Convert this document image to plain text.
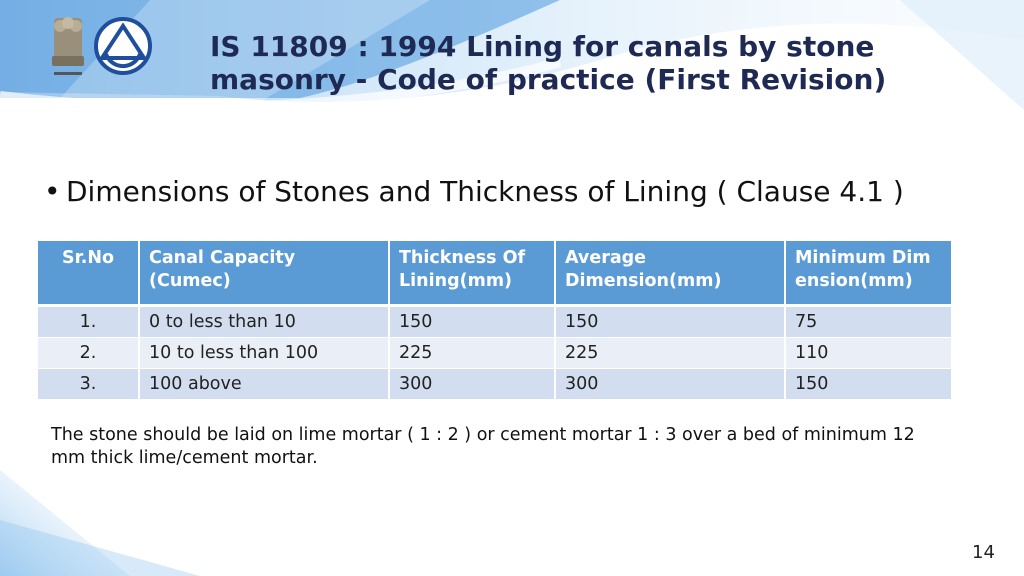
IS 11809 : 1994 Lining for canals by stone
masonry - Code of practice (First Revision)
• Dimensions of Stones and Thickness of Lining ( Clause 4.1 )
Sr.No	Canal Capacity (Cumec)	Thickness Of Lining(mm)	Average Dimension(mm)	Minimum Dimension(mm)
1.	0 to less than 10	150	150	75
2.	10 to less than 100	225	225	110
3.	100 above	300	300	150

The stone should be laid on lime mortar ( 1 : 2 ) or cement mortar 1 : 3 over a bed of minimum 12 mm thick lime/cement mortar.

14
